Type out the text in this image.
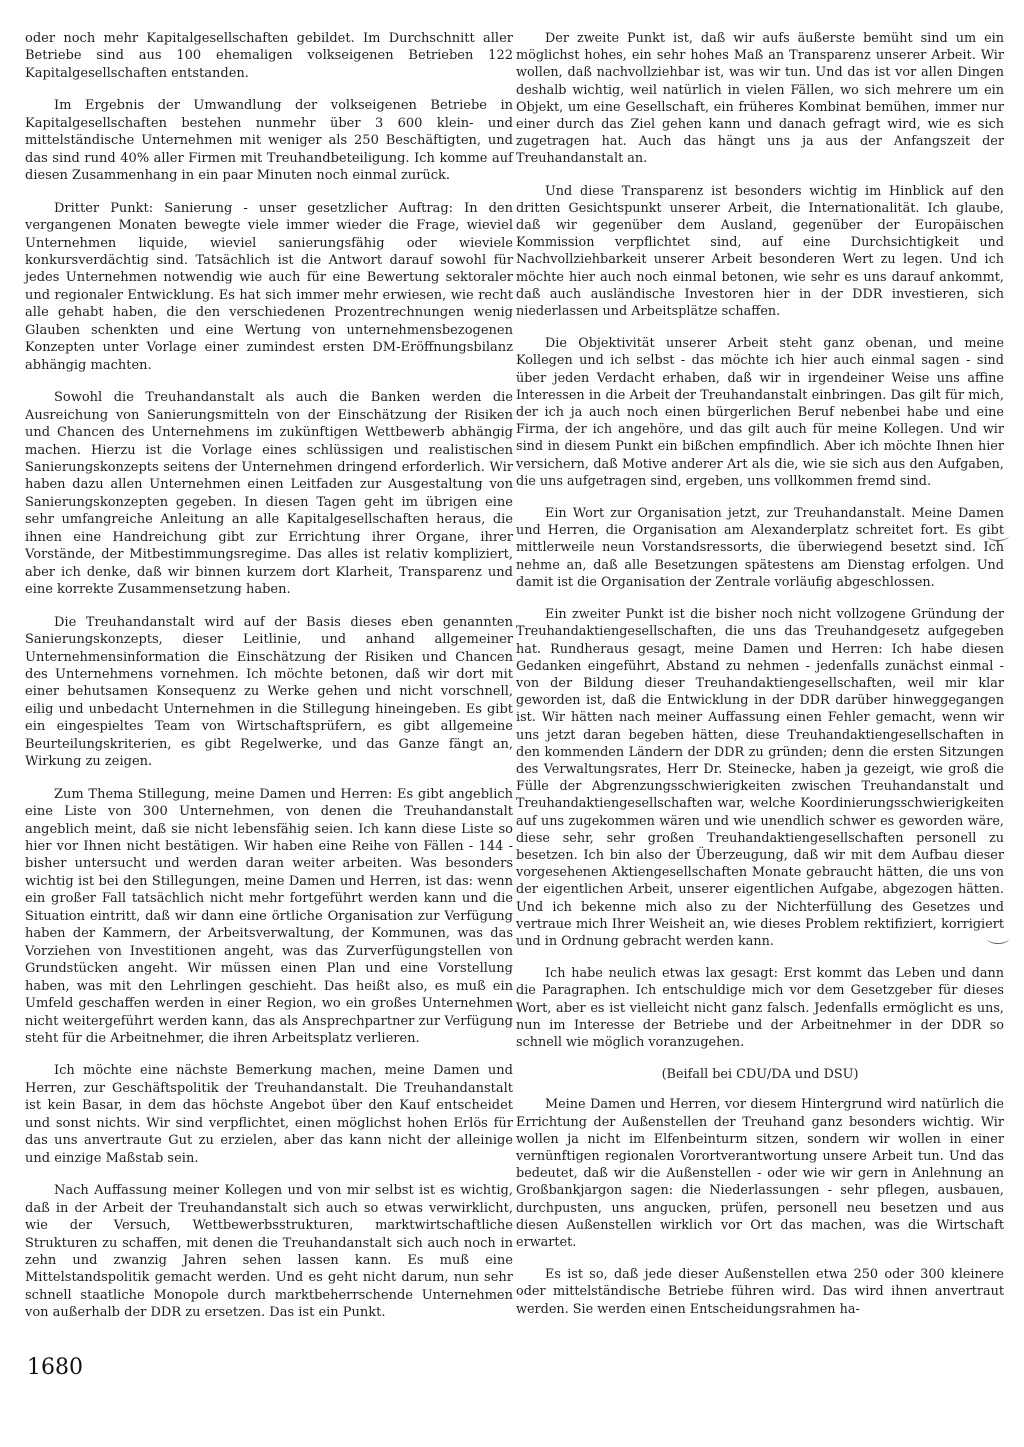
oder noch mehr Kapitalgesellschaften gebildet. Im Durchschnitt aller Betriebe sind aus 100 ehemaligen volkseigenen Betrieben 122 Kapitalgesellschaften entstanden.

Im Ergebnis der Umwandlung der volkseigenen Betriebe in Kapitalgesellschaften bestehen nunmehr über 3 600 klein- und mittelständische Unternehmen mit weniger als 250 Beschäftigten, und das sind rund 40% aller Firmen mit Treuhandbeteiligung. Ich komme auf diesen Zusammenhang in ein paar Minuten noch einmal zurück.

Dritter Punkt: Sanierung - unser gesetzlicher Auftrag: In den vergangenen Monaten bewegte viele immer wieder die Frage, wieviel Unternehmen liquide, wieviel sanierungsfähig oder wieviele konkursverdächtig sind. Tatsächlich ist die Antwort darauf sowohl für jedes Unternehmen notwendig wie auch für eine Bewertung sektoraler und regionaler Entwicklung. Es hat sich immer mehr erwiesen, wie recht alle gehabt haben, die den verschiedenen Prozentrechnungen wenig Glauben schenkten und eine Wertung von unternehmensbezogenen Konzepten unter Vorlage einer zumindest ersten DM-Eröffnungsbilanz abhängig machten.

Sowohl die Treuhandanstalt als auch die Banken werden die Ausreichung von Sanierungsmitteln von der Einschätzung der Risiken und Chancen des Unternehmens im zukünftigen Wettbewerb abhängig machen. Hierzu ist die Vorlage eines schlüssigen und realistischen Sanierungskonzepts seitens der Unternehmen dringend erforderlich. Wir haben dazu allen Unternehmen einen Leitfaden zur Ausgestaltung von Sanierungskonzepten gegeben. In diesen Tagen geht im übrigen eine sehr umfangreiche Anleitung an alle Kapitalgesellschaften heraus, die ihnen eine Handreichung gibt zur Errichtung ihrer Organe, ihrer Vorstände, der Mitbestimmungsregime. Das alles ist relativ kompliziert, aber ich denke, daß wir binnen kurzem dort Klarheit, Transparenz und eine korrekte Zusammensetzung haben.

Die Treuhandanstalt wird auf der Basis dieses eben genannten Sanierungskonzepts, dieser Leitlinie, und anhand allgemeiner Unternehmensinformation die Einschätzung der Risiken und Chancen des Unternehmens vornehmen. Ich möchte betonen, daß wir dort mit einer behutsamen Konsequenz zu Werke gehen und nicht vorschnell, eilig und unbedacht Unternehmen in die Stillegung hineingeben. Es gibt ein eingespieltes Team von Wirtschaftsprüfern, es gibt allgemeine Beurteilungskriterien, es gibt Regelwerke, und das Ganze fängt an, Wirkung zu zeigen.

Zum Thema Stillegung, meine Damen und Herren: Es gibt angeblich eine Liste von 300 Unternehmen, von denen die Treuhandanstalt angeblich meint, daß sie nicht lebensfähig seien. Ich kann diese Liste so hier vor Ihnen nicht bestätigen. Wir haben eine Reihe von Fällen - 144 - bisher untersucht und werden daran weiter arbeiten. Was besonders wichtig ist bei den Stillegungen, meine Damen und Herren, ist das: wenn ein großer Fall tatsächlich nicht mehr fortgeführt werden kann und die Situation eintritt, daß wir dann eine örtliche Organisation zur Verfügung haben der Kammern, der Arbeitsverwaltung, der Kommunen, was das Vorziehen von Investitionen angeht, was das Zurverfügungstellen von Grundstücken angeht. Wir müssen einen Plan und eine Vorstellung haben, was mit den Lehrlingen geschieht. Das heißt also, es muß ein Umfeld geschaffen werden in einer Region, wo ein großes Unternehmen nicht weitergeführt werden kann, das als Ansprechpartner zur Verfügung steht für die Arbeitnehmer, die ihren Arbeitsplatz verlieren.

Ich möchte eine nächste Bemerkung machen, meine Damen und Herren, zur Geschäftspolitik der Treuhandanstalt. Die Treuhandanstalt ist kein Basar, in dem das höchste Angebot über den Kauf entscheidet und sonst nichts. Wir sind verpflichtet, einen möglichst hohen Erlös für das uns anvertraute Gut zu erzielen, aber das kann nicht der alleinige und einzige Maßstab sein.

Nach Auffassung meiner Kollegen und von mir selbst ist es wichtig, daß in der Arbeit der Treuhandanstalt sich auch so etwas verwirklicht, wie der Versuch, Wettbewerbsstrukturen, marktwirtschaftliche Strukturen zu schaffen, mit denen die Treuhandanstalt sich auch noch in zehn und zwanzig Jahren sehen lassen kann. Es muß eine Mittelstandspolitik gemacht werden. Und es geht nicht darum, nun sehr schnell staatliche Monopole durch marktbeherrschende Unternehmen von außerhalb der DDR zu ersetzen. Das ist ein Punkt.

Der zweite Punkt ist, daß wir aufs äußerste bemüht sind um ein möglichst hohes, ein sehr hohes Maß an Transparenz unserer Arbeit. Wir wollen, daß nachvollziehbar ist, was wir tun. Und das ist vor allen Dingen deshalb wichtig, weil natürlich in vielen Fällen, wo sich mehrere um ein Objekt, um eine Gesellschaft, ein früheres Kombinat bemühen, immer nur einer durch das Ziel gehen kann und danach gefragt wird, wie es sich zugetragen hat. Auch das hängt uns ja aus der Anfangszeit der Treuhandanstalt an.

Und diese Transparenz ist besonders wichtig im Hinblick auf den dritten Gesichtspunkt unserer Arbeit, die Internationalität. Ich glaube, daß wir gegenüber dem Ausland, gegenüber der Europäischen Kommission verpflichtet sind, auf eine Durchsichtigkeit und Nachvollziehbarkeit unserer Arbeit besonderen Wert zu legen. Und ich möchte hier auch noch einmal betonen, wie sehr es uns darauf ankommt, daß auch ausländische Investoren hier in der DDR investieren, sich niederlassen und Arbeitsplätze schaffen.

Die Objektivität unserer Arbeit steht ganz obenan, und meine Kollegen und ich selbst - das möchte ich hier auch einmal sagen - sind über jeden Verdacht erhaben, daß wir in irgendeiner Weise uns affine Interessen in die Arbeit der Treuhandanstalt einbringen. Das gilt für mich, der ich ja auch noch einen bürgerlichen Beruf nebenbei habe und eine Firma, der ich angehöre, und das gilt auch für meine Kollegen. Und wir sind in diesem Punkt ein bißchen empfindlich. Aber ich möchte Ihnen hier versichern, daß Motive anderer Art als die, wie sie sich aus den Aufgaben, die uns aufgetragen sind, ergeben, uns vollkommen fremd sind.

Ein Wort zur Organisation jetzt, zur Treuhandanstalt. Meine Damen und Herren, die Organisation am Alexanderplatz schreitet fort. Es gibt mittlerweile neun Vorstandsressorts, die überwiegend besetzt sind. Ich nehme an, daß alle Besetzungen spätestens am Dienstag erfolgen. Und damit ist die Organisation der Zentrale vorläufig abgeschlossen.

Ein zweiter Punkt ist die bisher noch nicht vollzogene Gründung der Treuhandaktiengesellschaften, die uns das Treuhandgesetz aufgegeben hat. Rundheraus gesagt, meine Damen und Herren: Ich habe diesen Gedanken eingeführt, Abstand zu nehmen - jedenfalls zunächst einmal - von der Bildung dieser Treuhandaktiengesellschaften, weil mir klar geworden ist, daß die Entwicklung in der DDR darüber hinweggegangen ist. Wir hätten nach meiner Auffassung einen Fehler gemacht, wenn wir uns jetzt daran begeben hätten, diese Treuhandaktiengesellschaften in den kommenden Ländern der DDR zu gründen; denn die ersten Sitzungen des Verwaltungsrates, Herr Dr. Steinecke, haben ja gezeigt, wie groß die Fülle der Abgrenzungsschwierigkeiten zwischen Treuhandanstalt und Treuhandaktiengesellschaften war, welche Koordinierungsschwierigkeiten auf uns zugekommen wären und wie unendlich schwer es geworden wäre, diese sehr, sehr großen Treuhandaktiengesellschaften personell zu besetzen. Ich bin also der Überzeugung, daß wir mit dem Aufbau dieser vorgesehenen Aktiengesellschaften Monate gebraucht hätten, die uns von der eigentlichen Arbeit, unserer eigentlichen Aufgabe, abgezogen hätten. Und ich bekenne mich also zu der Nichterfüllung des Gesetzes und vertraue mich Ihrer Weisheit an, wie dieses Problem rektifiziert, korrigiert und in Ordnung gebracht werden kann.

Ich habe neulich etwas lax gesagt: Erst kommt das Leben und dann die Paragraphen. Ich entschuldige mich vor dem Gesetzgeber für dieses Wort, aber es ist vielleicht nicht ganz falsch. Jedenfalls ermöglicht es uns, nun im Interesse der Betriebe und der Arbeitnehmer in der DDR so schnell wie möglich voranzugehen.

(Beifall bei CDU/DA und DSU)

Meine Damen und Herren, vor diesem Hintergrund wird natürlich die Errichtung der Außenstellen der Treuhand ganz besonders wichtig. Wir wollen ja nicht im Elfenbeinturm sitzen, sondern wir wollen in einer vernünftigen regionalen Vorortverantwortung unsere Arbeit tun. Und das bedeutet, daß wir die Außenstellen - oder wie wir gern in Anlehnung an Großbankjargon sagen: die Niederlassungen - sehr pflegen, ausbauen, durchpusten, uns angucken, prüfen, personell neu besetzen und aus diesen Außenstellen wirklich vor Ort das machen, was die Wirtschaft erwartet.

Es ist so, daß jede dieser Außenstellen etwa 250 oder 300 kleinere oder mittelständische Betriebe führen wird. Das wird ihnen anvertraut werden. Sie werden einen Entscheidungsrahmen ha-

1680
